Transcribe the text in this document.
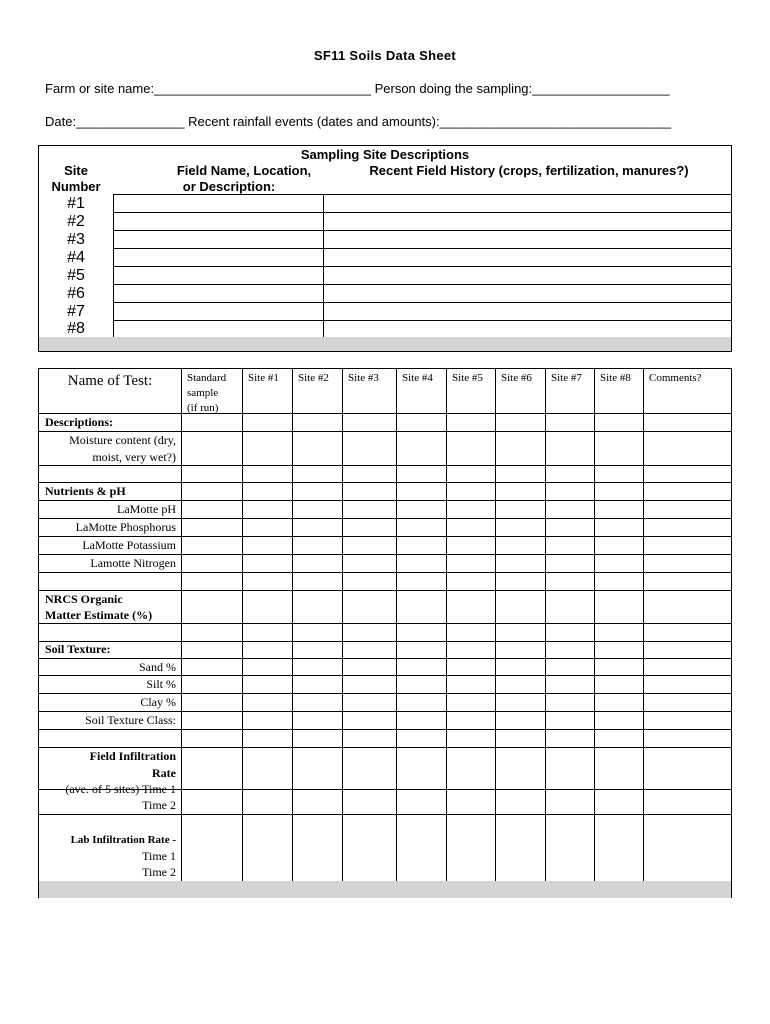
SF11 Soils Data Sheet
Farm or site name:______________________________ Person doing the sampling:___________________
Date:_______________ Recent rainfall events (dates and amounts):________________________________
Sampling Site Descriptions
Site
Number
Field Name, Location,
or Description:
Recent Field History (crops, fertilization, manures?)
#1
#2
#3
#4
#5
#6
#7
#8
Name of Test:	Standard
sample
(if run)
Site #1 Site #2 Site #3 Site #4 Site #5 Site #6 Site #7 Site #8 Comments?
Descriptions:
Moisture content (dry,
moist, very wet?)
Nutrients & pH
LaMotte pH
LaMotte Phosphorus
LaMotte Potassium
Lamotte Nitrogen
NRCS Organic
Matter Estimate (%)
Soil Texture:
Sand %
Silt %
Clay %
Soil Texture Class:
Field Infiltration
Rate
(ave. of 5 sites) Time 1
Time 2
Lab Infiltration Rate -
Time 1
Time 2
